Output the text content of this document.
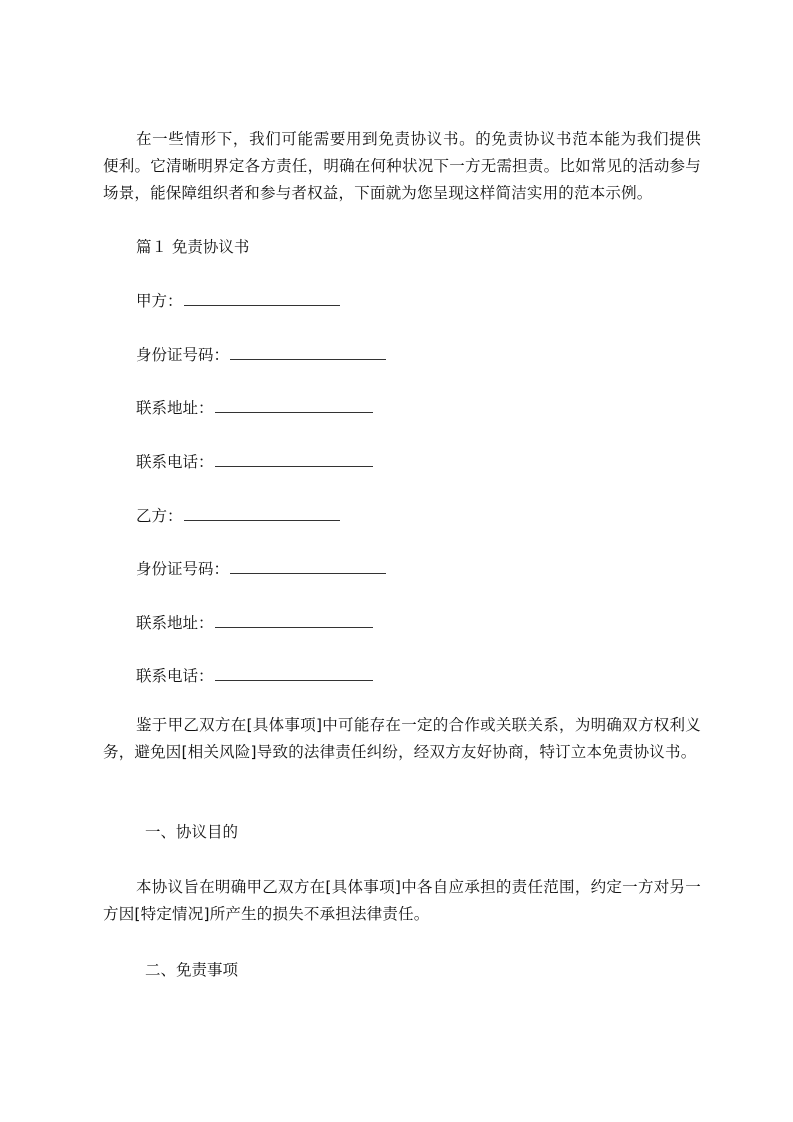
在一些情形下，我们可能需要用到免责协议书。的免责协议书范本能为我们提供便利。它清晰明界定各方责任，明确在何种状况下一方无需担责。比如常见的活动参与场景，能保障组织者和参与者权益，下面就为您呈现这样简洁实用的范本示例。

篇１ 免责协议书

甲方：

身份证号码：

联系地址：

联系电话：

乙方：

身份证号码：

联系地址：

联系电话：

鉴于甲乙双方在[具体事项]中可能存在一定的合作或关联关系，为明确双方权利义务，避免因[相关风险]导致的法律责任纠纷，经双方友好协商，特订立本免责协议书。

一、协议目的

本协议旨在明确甲乙双方在[具体事项]中各自应承担的责任范围，约定一方对另一方因[特定情况]所产生的损失不承担法律责任。

二、免责事项
